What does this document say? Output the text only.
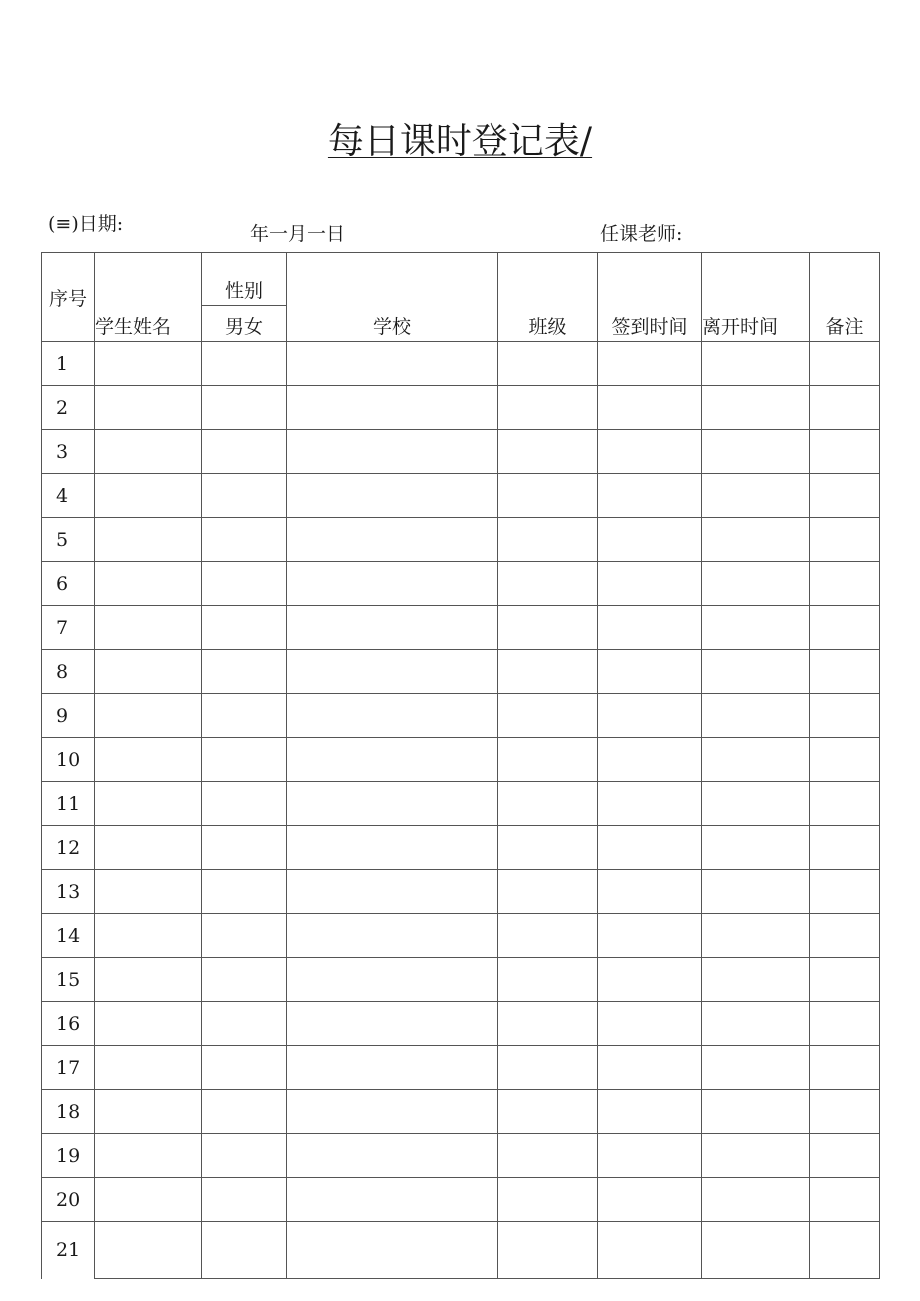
每日课时登记表/
(≡)日期:	年一月一日	任课老师:
序号	学生姓名	性别	学校	班级	签到时间	离开时间	备注
		男女					
1							
2							
3							
4							
5							
6							
7							
8							
9							
10							
11							
12							
13							
14							
15							
16							
17							
18							
19							
20							
21							
